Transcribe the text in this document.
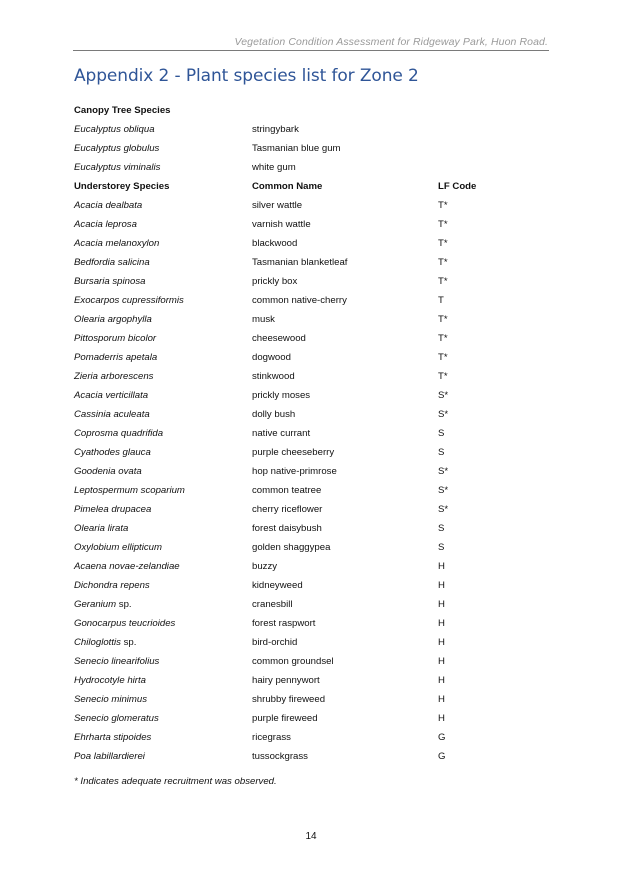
Vegetation Condition Assessment for Ridgeway Park, Huon Road.
Appendix 2 - Plant species list for Zone 2
Canopy Tree Species		
Eucalyptus obliqua	stringybark	
Eucalyptus globulus	Tasmanian blue gum	
Eucalyptus viminalis	white gum	
Understorey Species	Common Name	LF Code
Acacia dealbata	silver wattle	T*
Acacia leprosa	varnish wattle	T*
Acacia melanoxylon	blackwood	T*
Bedfordia salicina	Tasmanian blanketleaf	T*
Bursaria spinosa	prickly box	T*
Exocarpos cupressiformis	common native-cherry	T
Olearia argophylla	musk	T*
Pittosporum bicolor	cheesewood	T*
Pomaderris apetala	dogwood	T*
Zieria arborescens	stinkwood	T*
Acacia verticillata	prickly moses	S*
Cassinia aculeata	dolly bush	S*
Coprosma quadrifida	native currant	S
Cyathodes glauca	purple cheeseberry	S
Goodenia ovata	hop native-primrose	S*
Leptospermum scoparium	common teatree	S*
Pimelea drupacea	cherry riceflower	S*
Olearia lirata	forest daisybush	S
Oxylobium ellipticum	golden shaggypea	S
Acaena novae-zelandiae	buzzy	H
Dichondra repens	kidneyweed	H
Geranium sp.	cranesbill	H
Gonocarpus teucrioides	forest raspwort	H
Chiloglottis sp.	bird-orchid	H
Senecio linearifolius	common groundsel	H
Hydrocotyle hirta	hairy pennywort	H
Senecio minimus	shrubby fireweed	H
Senecio glomeratus	purple fireweed	H
Ehrharta stipoides	ricegrass	G
Poa labillardierei	tussockgrass	G

* Indicates adequate recruitment was observed.

14
